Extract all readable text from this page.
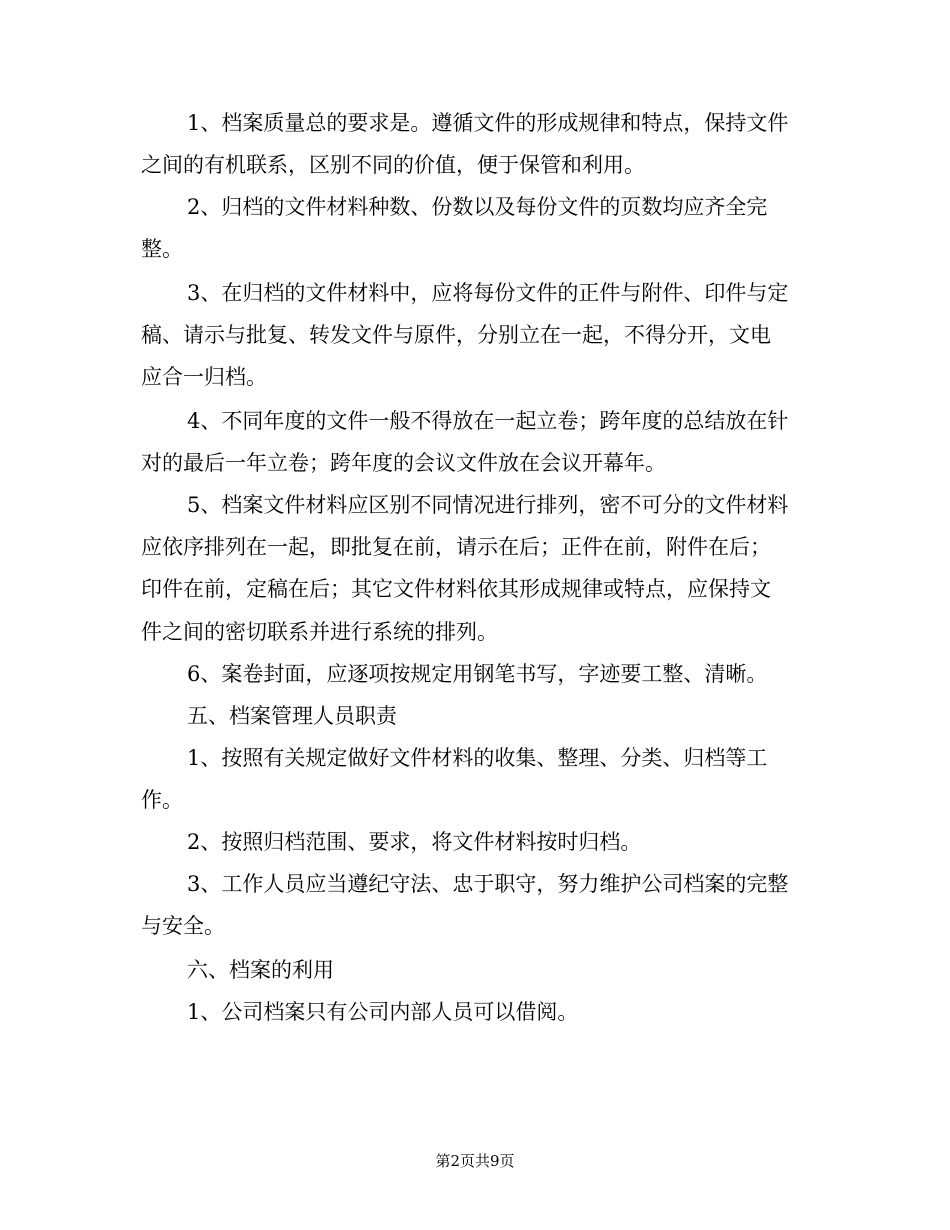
1、档案质量总的要求是。遵循文件的形成规律和特点，保持文件
之间的有机联系，区别不同的价值，便于保管和利用。
2、归档的文件材料种数、份数以及每份文件的页数均应齐全完
整。
3、在归档的文件材料中，应将每份文件的正件与附件、印件与定
稿、请示与批复、转发文件与原件，分别立在一起，不得分开，文电
应合一归档。
4、不同年度的文件一般不得放在一起立卷；跨年度的总结放在针
对的最后一年立卷；跨年度的会议文件放在会议开幕年。
5、档案文件材料应区别不同情况进行排列，密不可分的文件材料
应依序排列在一起，即批复在前，请示在后；正件在前，附件在后；
印件在前，定稿在后；其它文件材料依其形成规律或特点，应保持文
件之间的密切联系并进行系统的排列。
6、案卷封面，应逐项按规定用钢笔书写，字迹要工整、清晰。
五、档案管理人员职责
1、按照有关规定做好文件材料的收集、整理、分类、归档等工
作。
2、按照归档范围、要求，将文件材料按时归档。
3、工作人员应当遵纪守法、忠于职守，努力维护公司档案的完整
与安全。
六、档案的利用
1、公司档案只有公司内部人员可以借阅。
第2页共9页
